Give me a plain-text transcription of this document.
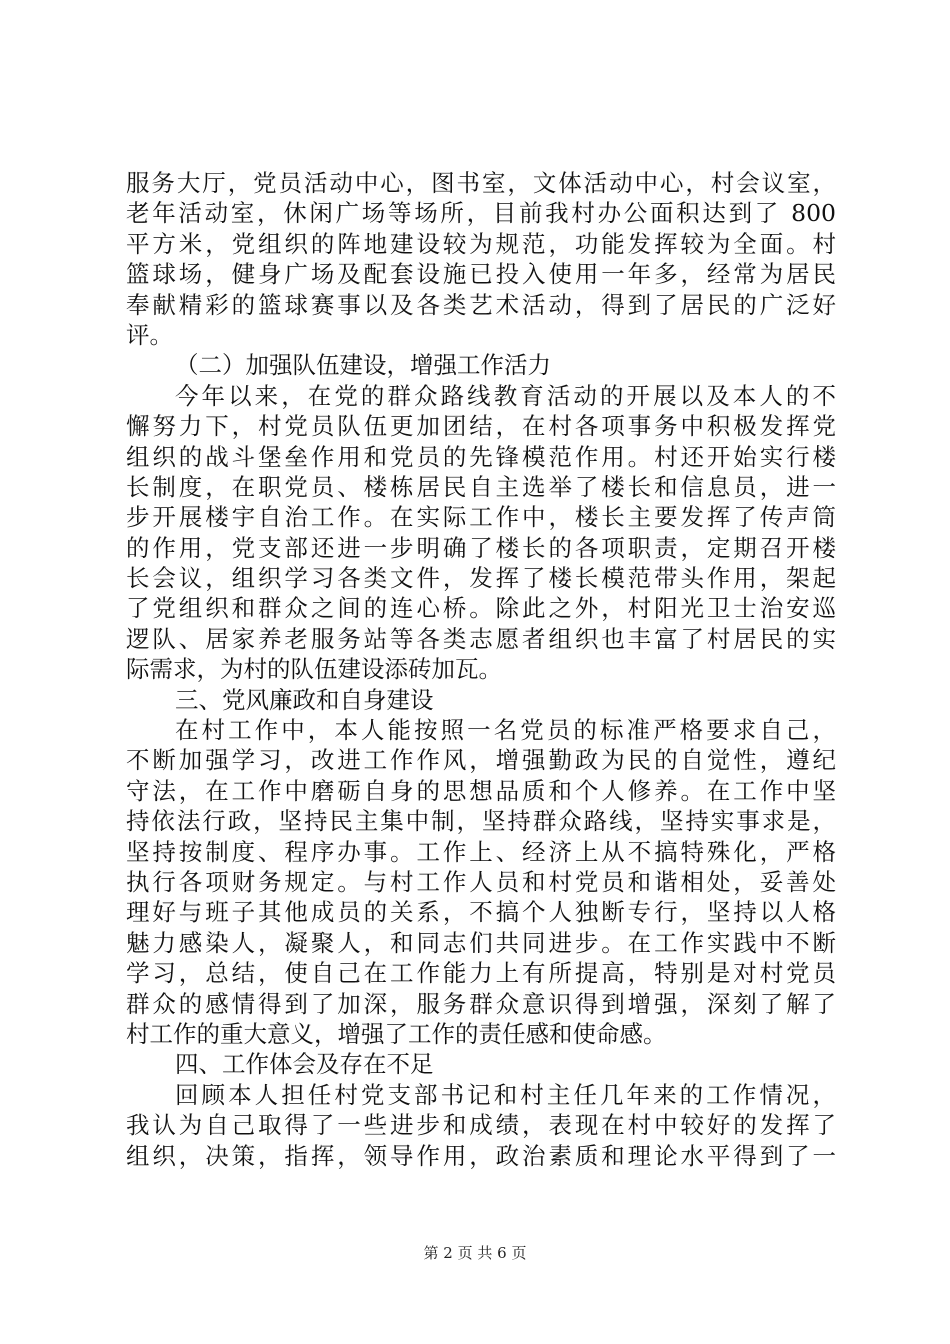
服务大厅，党员活动中心，图书室，文体活动中心，村会议室，
老年活动室，休闲广场等场所，目前我村办公面积达到了 800
平方米，党组织的阵地建设较为规范，功能发挥较为全面。村
篮球场，健身广场及配套设施已投入使用一年多，经常为居民
奉献精彩的篮球赛事以及各类艺术活动，得到了居民的广泛好
评。
（二）加强队伍建设，增强工作活力
今年以来，在党的群众路线教育活动的开展以及本人的不
懈努力下，村党员队伍更加团结，在村各项事务中积极发挥党
组织的战斗堡垒作用和党员的先锋模范作用。村还开始实行楼
长制度，在职党员、楼栋居民自主选举了楼长和信息员，进一
步开展楼宇自治工作。在实际工作中，楼长主要发挥了传声筒
的作用，党支部还进一步明确了楼长的各项职责，定期召开楼
长会议，组织学习各类文件，发挥了楼长模范带头作用，架起
了党组织和群众之间的连心桥。除此之外，村阳光卫士治安巡
逻队、居家养老服务站等各类志愿者组织也丰富了村居民的实
际需求，为村的队伍建设添砖加瓦。
三、党风廉政和自身建设
在村工作中，本人能按照一名党员的标准严格要求自己，
不断加强学习，改进工作作风，增强勤政为民的自觉性，遵纪
守法，在工作中磨砺自身的思想品质和个人修养。在工作中坚
持依法行政，坚持民主集中制，坚持群众路线，坚持实事求是，
坚持按制度、程序办事。工作上、经济上从不搞特殊化，严格
执行各项财务规定。与村工作人员和村党员和谐相处，妥善处
理好与班子其他成员的关系，不搞个人独断专行，坚持以人格
魅力感染人，凝聚人，和同志们共同进步。在工作实践中不断
学习，总结，使自己在工作能力上有所提高，特别是对村党员
群众的感情得到了加深，服务群众意识得到增强，深刻了解了
村工作的重大意义，增强了工作的责任感和使命感。
四、工作体会及存在不足
回顾本人担任村党支部书记和村主任几年来的工作情况，
我认为自己取得了一些进步和成绩，表现在村中较好的发挥了
组织，决策，指挥，领导作用，政治素质和理论水平得到了一
第 2 页 共 6 页
